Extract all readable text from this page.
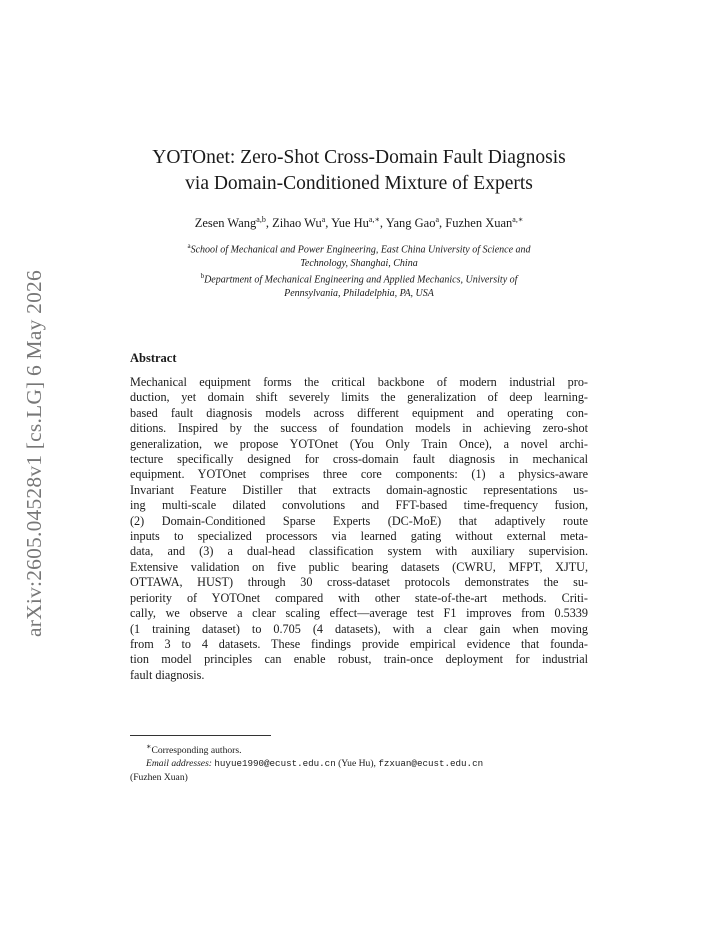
arXiv:2605.04528v1 [cs.LG] 6 May 2026
YOTOnet: Zero-Shot Cross-Domain Fault Diagnosis
via Domain-Conditioned Mixture of Experts
Zesen Wang$^{a,b}$, Zihao Wu$^a$, Yue $Hu^{a,∗}$, Yang Gao$^a$, Fuzhen Xuan$^{a,∗}$
$^a$School of Mechanical and Power Engineering, East China University of Science and
Technology, Shanghai, China
$^b$Department of Mechanical Engineering and Applied Mechanics, University of
Pennsylvania, Philadelphia, PA, USA
Abstract

Mechanical equipment forms the critical backbone of modern industrial pro-
duction, yet domain shift severely limits the generalization of deep learning-
based fault diagnosis models across different equipment and operating con-
ditions. Inspired by the success of foundation models in achieving zero-shot
generalization, we propose YOTOnet (You Only Train Once), a novel archi-
tecture specifically designed for cross-domain fault diagnosis in mechanical
equipment. YOTOnet comprises three core components: (1) a physics-aware
Invariant Feature Distiller that extracts domain-agnostic representations us-
ing multi-scale dilated convolutions and FFT-based time-frequency fusion,
(2) Domain-Conditioned Sparse Experts (DC-MoE) that adaptively route
inputs to specialized processors via learned gating without external meta-
data, and (3) a dual-head classification system with auxiliary supervision.
Extensive validation on five public bearing datasets (CWRU, MFPT, XJTU,
OTTAWA, HUST) through 30 cross-dataset protocols demonstrates the su-
periority of YOTOnet compared with other state-of-the-art methods. Criti-
cally, we observe a clear scaling effect—average test F1 improves from 0.5339
(1 training dataset) to 0.705 (4 datasets), with a clear gain when moving
from 3 to 4 datasets. These findings provide empirical evidence that founda-
tion model principles can enable robust, train-once deployment for industrial
fault diagnosis.

∗Corresponding authors.
Email addresses: huyue1990@ecust.edu.cn (Yue Hu), fzxuan@ecust.edu.cn
(Fuzhen Xuan)
